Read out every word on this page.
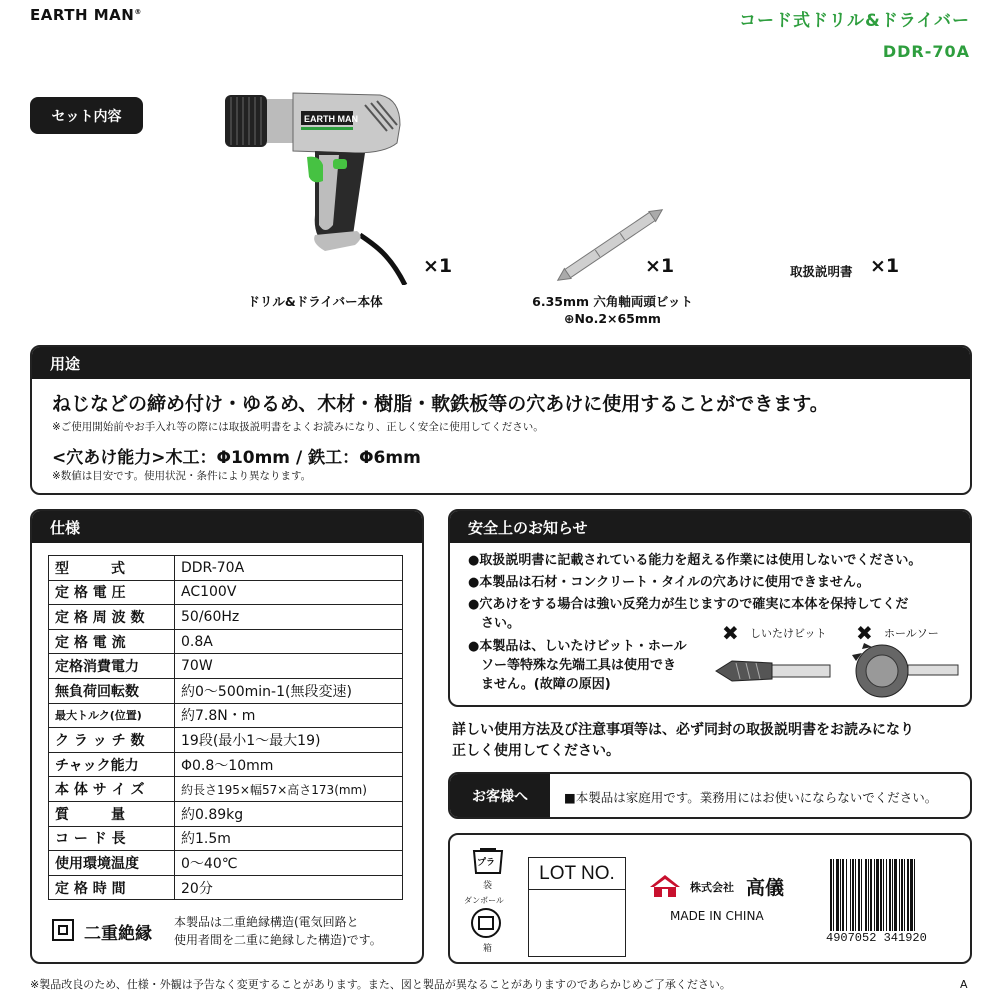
EARTH MAN®	コード式ドリル&ドライバー
DDR-70A
セット内容	EARTH MAN
×1
ドリル&ドライバー本体
×1
6.35mm 六角軸両頭ビット
⊕No.2×65mm
取扱説明書 ×1
用途
ねじなどの締め付け・ゆるめ、木材・樹脂・軟鉄板等の穴あけに使用することができます。
※ご使用開始前やお手入れ等の際には取扱説明書をよくお読みになり、正しく安全に使用してください。
<穴あけ能力>木工：Φ10mm / 鉄工：Φ6mm
※数値は目安です。使用状況・条件により異なります。
仕様
型　　　式	DDR-70A
定 格 電 圧	AC100V
定 格 周 波 数	50/60Hz
定 格 電 流	0.8A
定格消費電力	70W
無負荷回転数	約0～500min-1(無段変速)
最大トルク(位置)	約7.8N・m
ク ラ ッ チ 数	19段(最小1～最大19)
チャック能力	Φ0.8～10mm
本 体 サ イ ズ	約長さ195×幅57×高さ173(mm)
質　　　量	約0.89kg
コ ー ド 長	約1.5m
使用環境温度	0～40℃
定 格 時 間	20分
二重絶縁
本製品は二重絶縁構造(電気回路と
使用者間を二重に絶縁した構造)です。
安全上のお知らせ
●取扱説明書に記載されている能力を超える作業には使用しないでください。
●本製品は石材・コンクリート・タイルの穴あけに使用できません。
●穴あけをする場合は強い反発力が生じますので確実に本体を保持してくだ
　さい。
●本製品は、しいたけビット・ホール
　ソー等特殊な先端工具は使用でき
　ません。(故障の原因)
✖ しいたけビット ✖ ホールソー
詳しい使用方法及び注意事項等は、必ず同封の取扱説明書をお読みになり
正しく使用してください。
お客様へ	■本製品は家庭用です。業務用にはお使いにならないでください。
プラ
袋
ダンボール
箱
LOT NO.
株式会社 高儀
MADE IN CHINA
4907052 341920
※製品改良のため、仕様・外観は予告なく変更することがあります。また、図と製品が異なることがありますのであらかじめご了承ください。	A
